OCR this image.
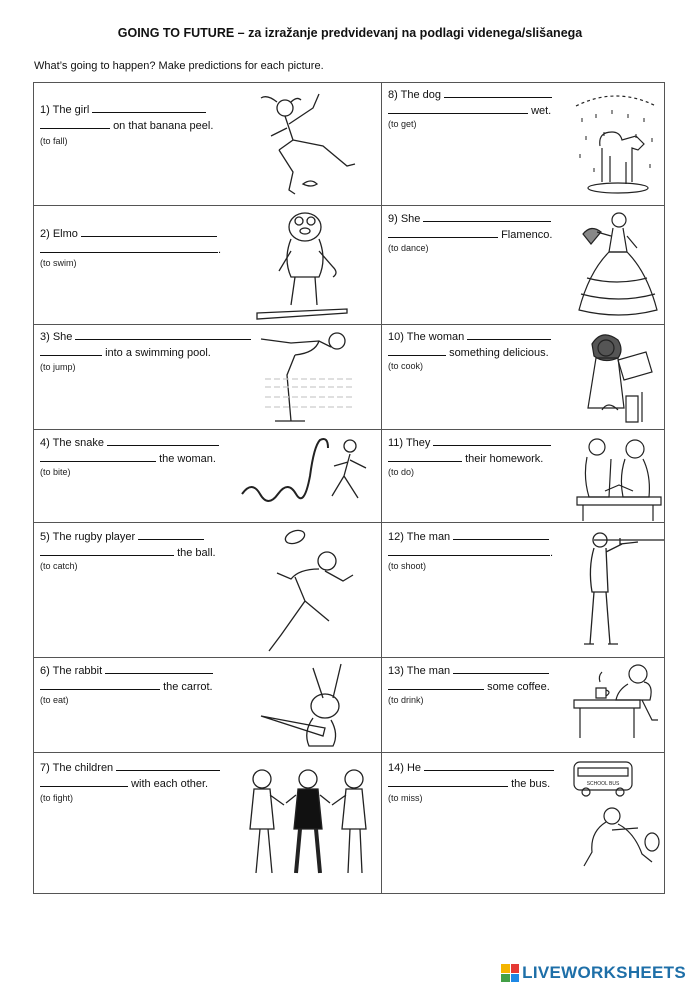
GOING TO FUTURE – za izražanje predvidevanj na podlagi videnega/slišanega
What’s going to happen? Make predictions for each picture.
1) The girl
on that banana peel.
(to fall)
2) Elmo
.
(to swim)
3) She
into a swimming pool.
(to jump)
4) The snake
the woman.
(to bite)
5) The rugby player
the ball.
(to catch)
6) The rabbit
the carrot.
(to eat)
7) The children
with each other.
(to fight)
8) The dog
wet.
(to get)
9) She
Flamenco.
(to dance)
10) The woman
something delicious.
(to cook)
11) They
their homework.
(to do)
12) The man
.
(to shoot)
13) The man
some coffee.
(to drink)
14) He
the bus.
(to miss)
SCHOOL BUS
LIVEWORKSHEETS
